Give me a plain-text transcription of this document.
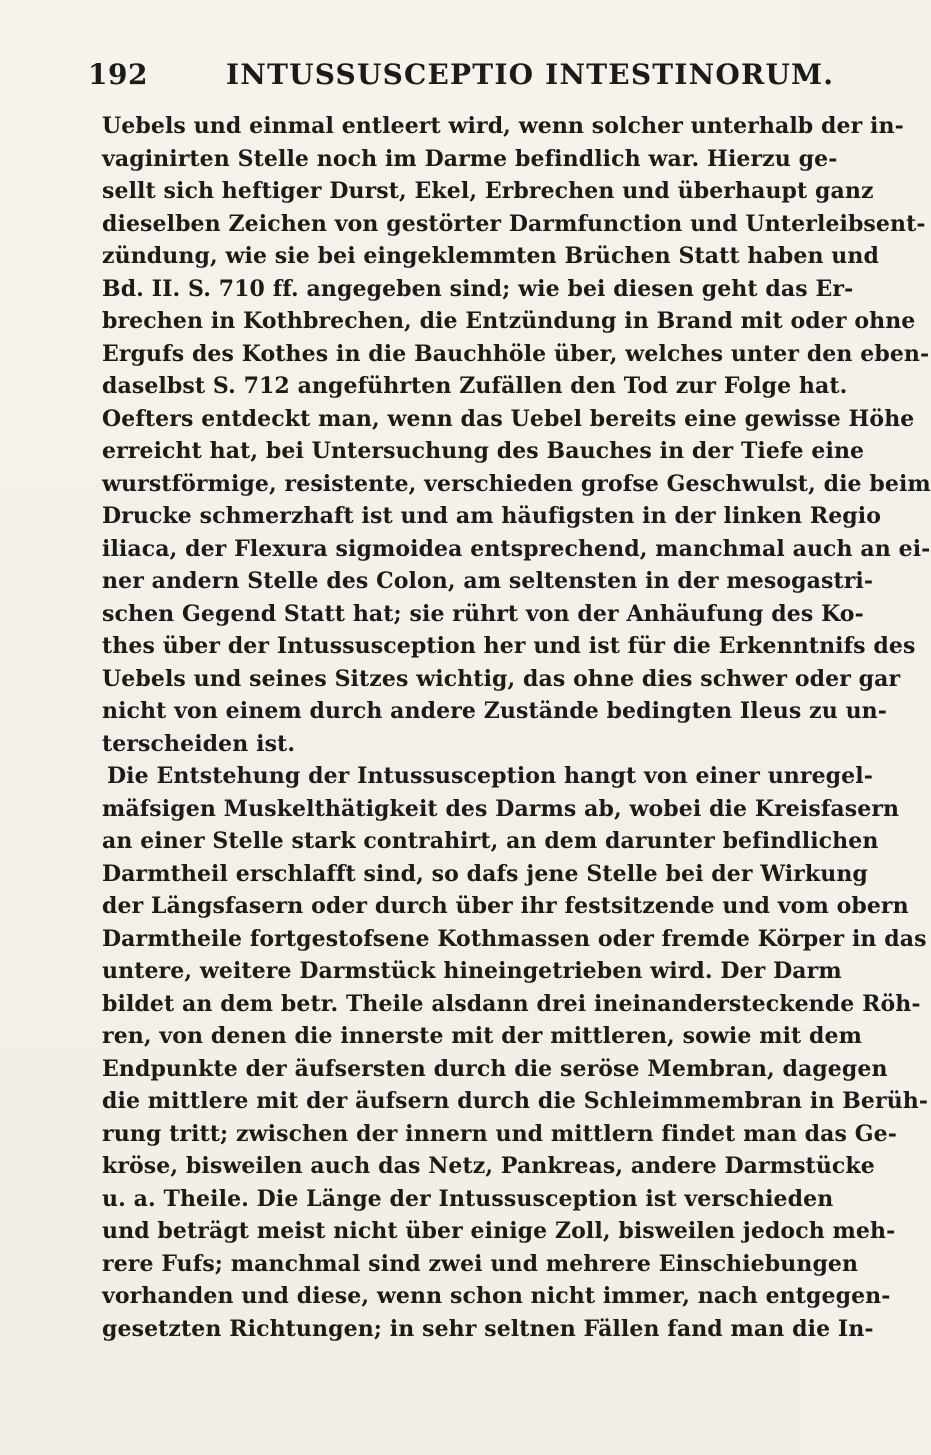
192	INTUSSUSCEPTIO INTESTINORUM.
Uebels und einmal entleert wird, wenn solcher unterhalb der in-
vaginirten Stelle noch im Darme befindlich war. Hierzu ge-
sellt sich heftiger Durst, Ekel, Erbrechen und überhaupt ganz
dieselben Zeichen von gestörter Darmfunction und Unterleibsent-
zündung, wie sie bei eingeklemmten Brüchen Statt haben und
Bd. II. S. 710 ff. angegeben sind; wie bei diesen geht das Er-
brechen in Kothbrechen, die Entzündung in Brand mit oder ohne
Ergufs des Kothes in die Bauchhöle über, welches unter den eben-
daselbst S. 712 angeführten Zufällen den Tod zur Folge hat.
Oefters entdeckt man, wenn das Uebel bereits eine gewisse Höhe
erreicht hat, bei Untersuchung des Bauches in der Tiefe eine
wurstförmige, resistente, verschieden grofse Geschwulst, die beim
Drucke schmerzhaft ist und am häufigsten in der linken Regio
iliaca, der Flexura sigmoidea entsprechend, manchmal auch an ei-
ner andern Stelle des Colon, am seltensten in der mesogastri-
schen Gegend Statt hat; sie rührt von der Anhäufung des Ko-
thes über der Intussusception her und ist für die Erkenntnifs des
Uebels und seines Sitzes wichtig, das ohne dies schwer oder gar
nicht von einem durch andere Zustände bedingten Ileus zu un-
terscheiden ist.
Die Entstehung der Intussusception hangt von einer unregel-
mäfsigen Muskelthätigkeit des Darms ab, wobei die Kreisfasern
an einer Stelle stark contrahirt, an dem darunter befindlichen
Darmtheil erschlafft sind, so dafs jene Stelle bei der Wirkung
der Längsfasern oder durch über ihr festsitzende und vom obern
Darmtheile fortgestofsene Kothmassen oder fremde Körper in das
untere, weitere Darmstück hineingetrieben wird. Der Darm
bildet an dem betr. Theile alsdann drei ineinandersteckende Röh-
ren, von denen die innerste mit der mittleren, sowie mit dem
Endpunkte der äufsersten durch die seröse Membran, dagegen
die mittlere mit der äufsern durch die Schleimmembran in Berüh-
rung tritt; zwischen der innern und mittlern findet man das Ge-
kröse, bisweilen auch das Netz, Pankreas, andere Darmstücke
u. a. Theile. Die Länge der Intussusception ist verschieden
und beträgt meist nicht über einige Zoll, bisweilen jedoch meh-
rere Fufs; manchmal sind zwei und mehrere Einschiebungen
vorhanden und diese, wenn schon nicht immer, nach entgegen-
gesetzten Richtungen; in sehr seltnen Fällen fand man die In-
